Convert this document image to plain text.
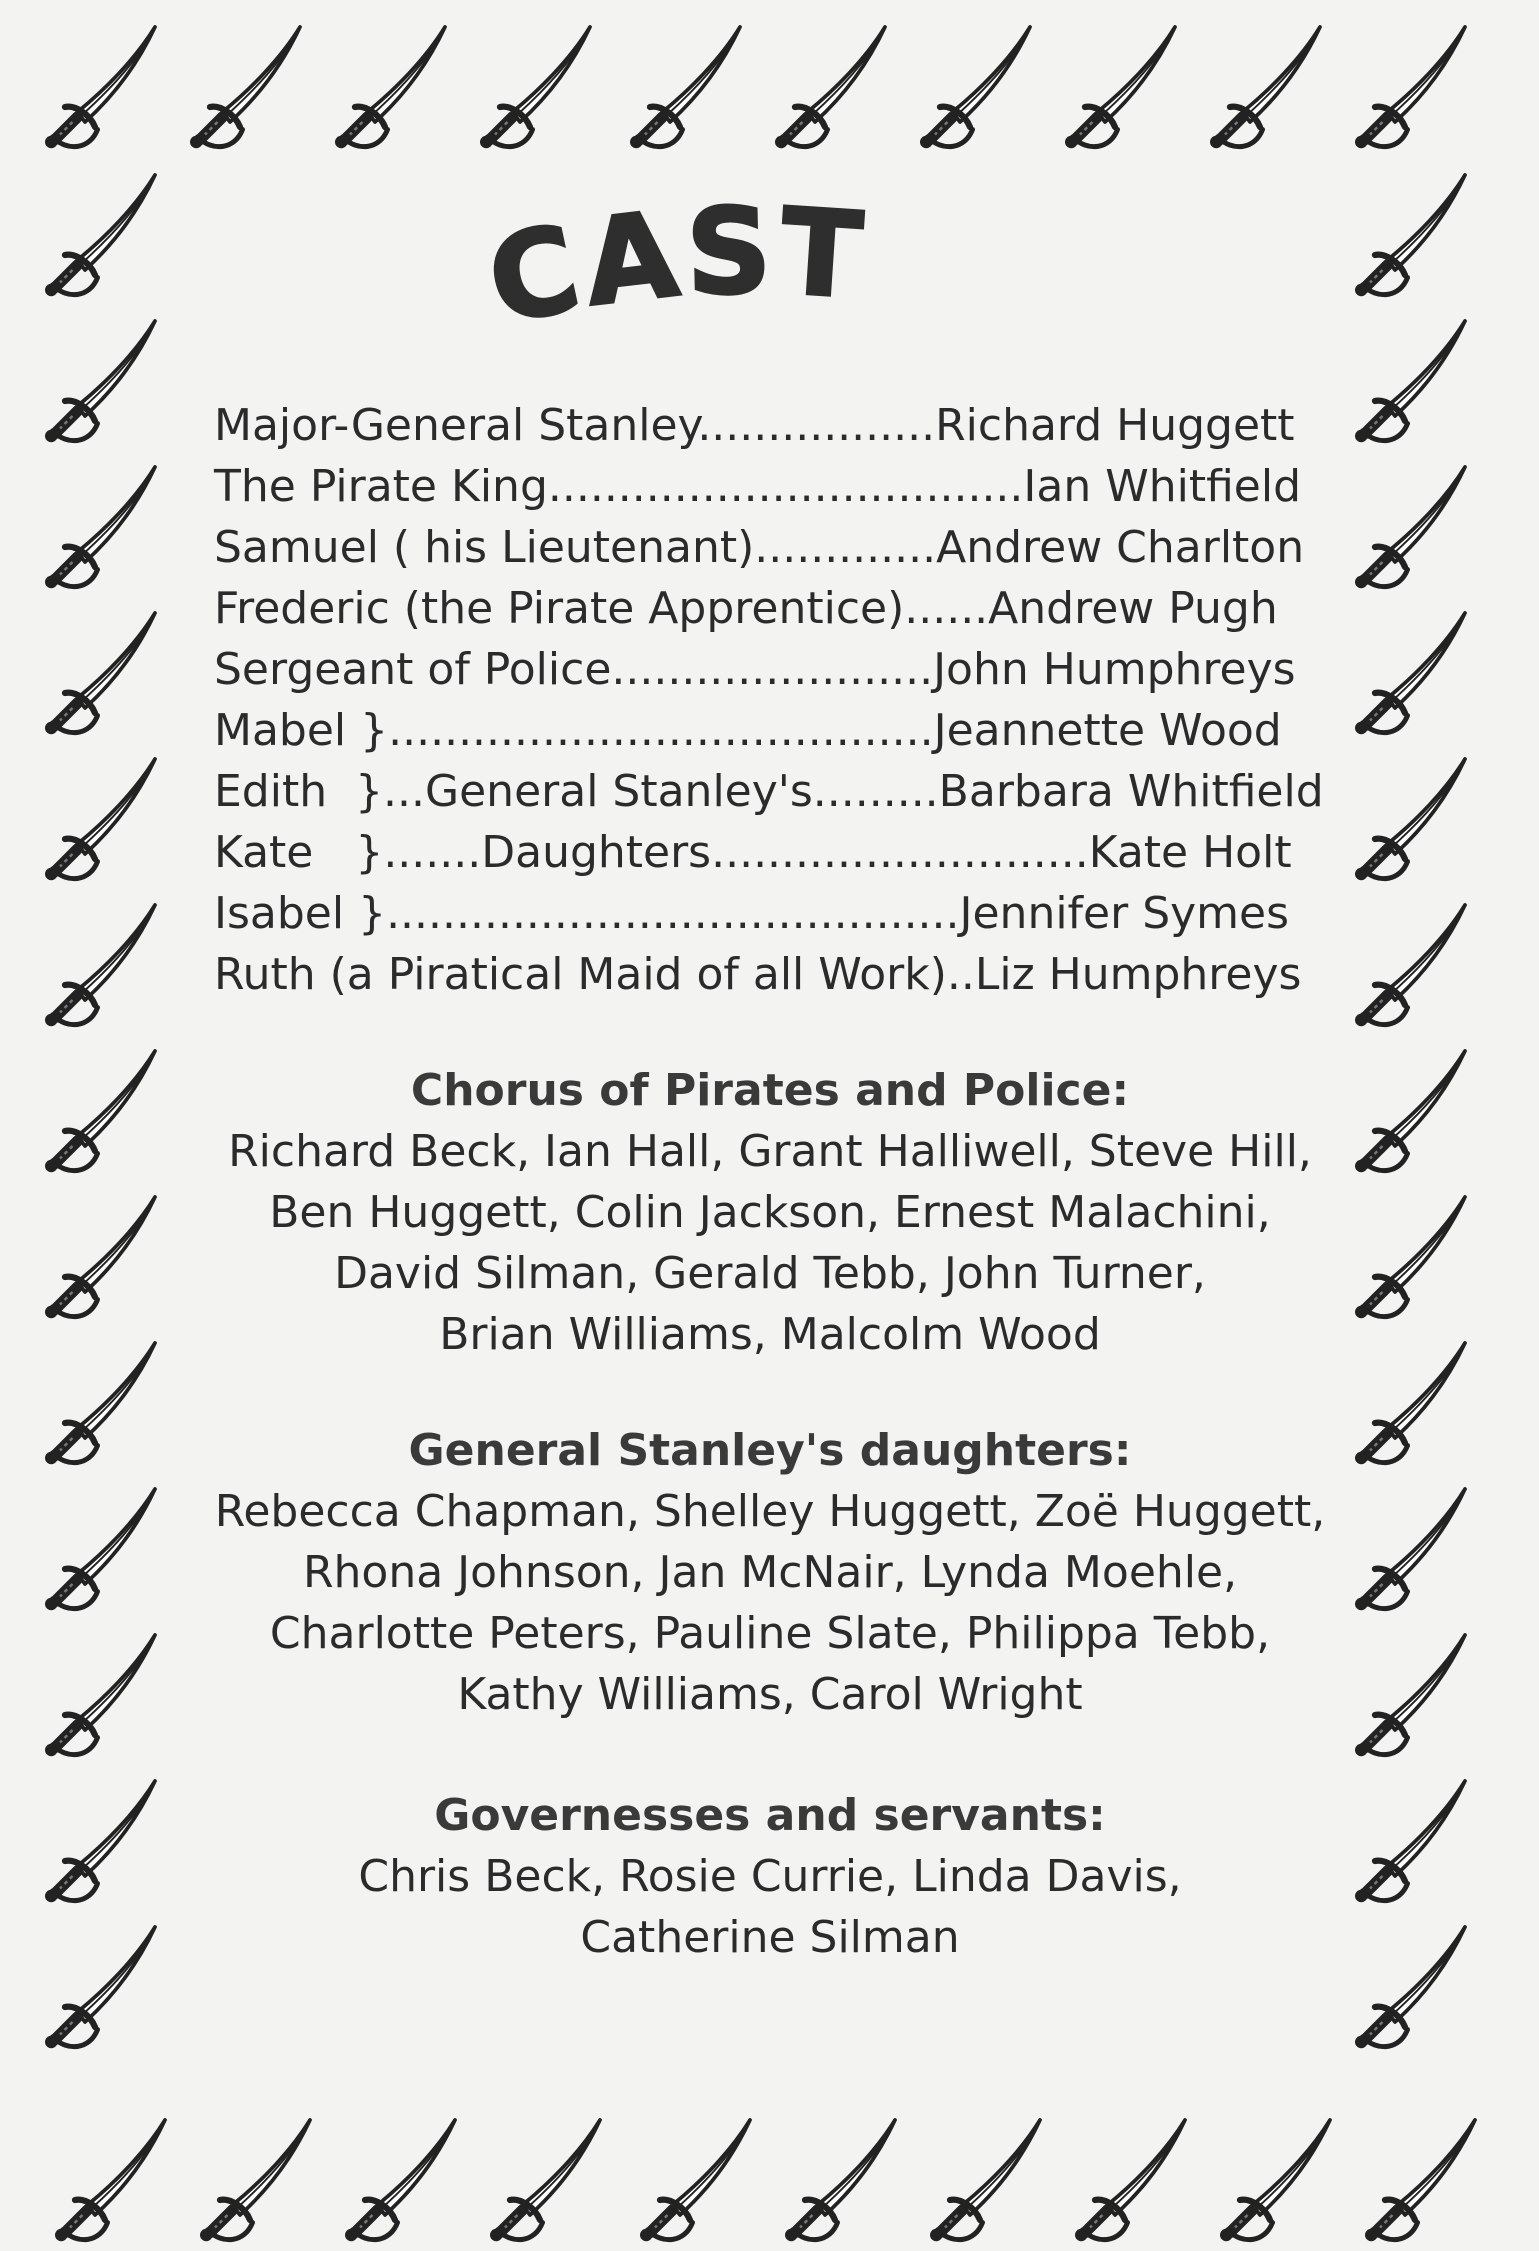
CAST
Major-General Stanley.................Richard Huggett
The Pirate King..................................Ian Whitfield
Samuel ( his Lieutenant).............Andrew Charlton
Frederic (the Pirate Apprentice)......Andrew Pugh
Sergeant of Police.......................John Humphreys
Mabel }.......................................Jeannette Wood
Edith  }...General Stanley's.........Barbara Whitfield
Kate   }.......Daughters...........................Kate Holt
Isabel }.........................................Jennifer Symes
Ruth (a Piratical Maid of all Work)..Liz Humphreys
Chorus of Pirates and Police:
Richard Beck, Ian Hall, Grant Halliwell, Steve Hill,
Ben Huggett, Colin Jackson, Ernest Malachini,
David Silman, Gerald Tebb, John Turner,
Brian Williams, Malcolm Wood
General Stanley's daughters:
Rebecca Chapman, Shelley Huggett, Zoë Huggett,
Rhona Johnson, Jan McNair, Lynda Moehle,
Charlotte Peters, Pauline Slate, Philippa Tebb,
Kathy Williams, Carol Wright
Governesses and servants:
Chris Beck, Rosie Currie, Linda Davis,
Catherine Silman
